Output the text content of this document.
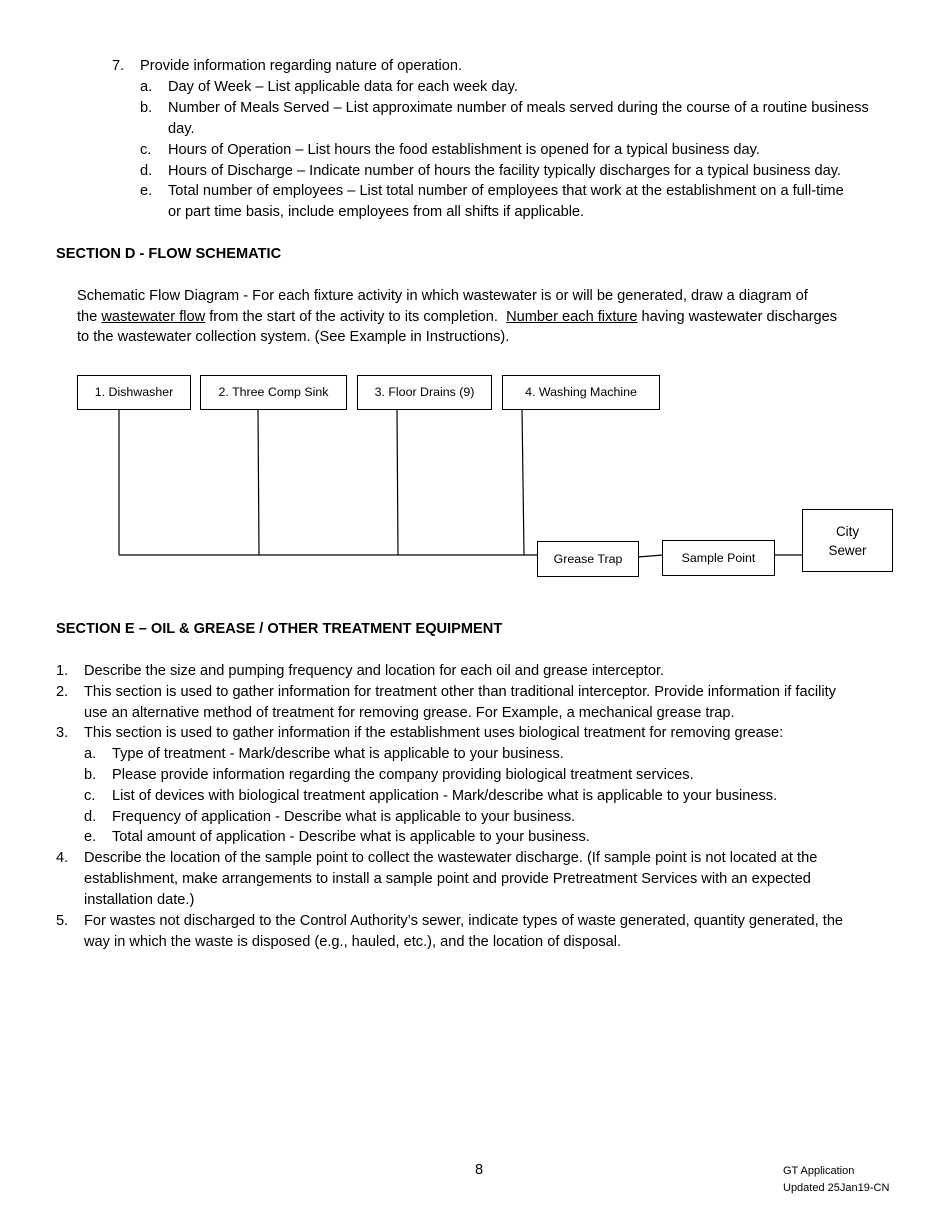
7. Provide information regarding nature of operation.
a. Day of Week – List applicable data for each week day.
b. Number of Meals Served – List approximate number of meals served during the course of a routine business
day.
c. Hours of Operation – List hours the food establishment is opened for a typical business day.
d. Hours of Discharge – Indicate number of hours the facility typically discharges for a typical business day.
e. Total number of employees – List total number of employees that work at the establishment on a full-time
or part time basis, include employees from all shifts if applicable.
SECTION D - FLOW SCHEMATIC
Schematic Flow Diagram - For each fixture activity in which wastewater is or will be generated, draw a diagram of
the wastewater flow from the start of the activity to its completion.  Number each fixture having wastewater discharges
to the wastewater collection system. (See Example in Instructions).
1. Dishwasher	2. Three Comp Sink	3. Floor Drains (9)	4. Washing Machine
Grease Trap	Sample Point
City
Sewer
SECTION E – OIL & GREASE / OTHER TREATMENT EQUIPMENT
1. Describe the size and pumping frequency and location for each oil and grease interceptor.
2. This section is used to gather information for treatment other than traditional interceptor. Provide information if facility
use an alternative method of treatment for removing grease. For Example, a mechanical grease trap.
3. This section is used to gather information if the establishment uses biological treatment for removing grease:
a. Type of treatment - Mark/describe what is applicable to your business.
b. Please provide information regarding the company providing biological treatment services.
c. List of devices with biological treatment application - Mark/describe what is applicable to your business.
d. Frequency of application - Describe what is applicable to your business.
e. Total amount of application - Describe what is applicable to your business.
4. Describe the location of the sample point to collect the wastewater discharge. (If sample point is not located at the
establishment, make arrangements to install a sample point and provide Pretreatment Services with an expected
installation date.)
5. For wastes not discharged to the Control Authority’s sewer, indicate types of waste generated, quantity generated, the
way in which the waste is disposed (e.g., hauled, etc.), and the location of disposal.
8	GT Application
Updated 25Jan19-CN
